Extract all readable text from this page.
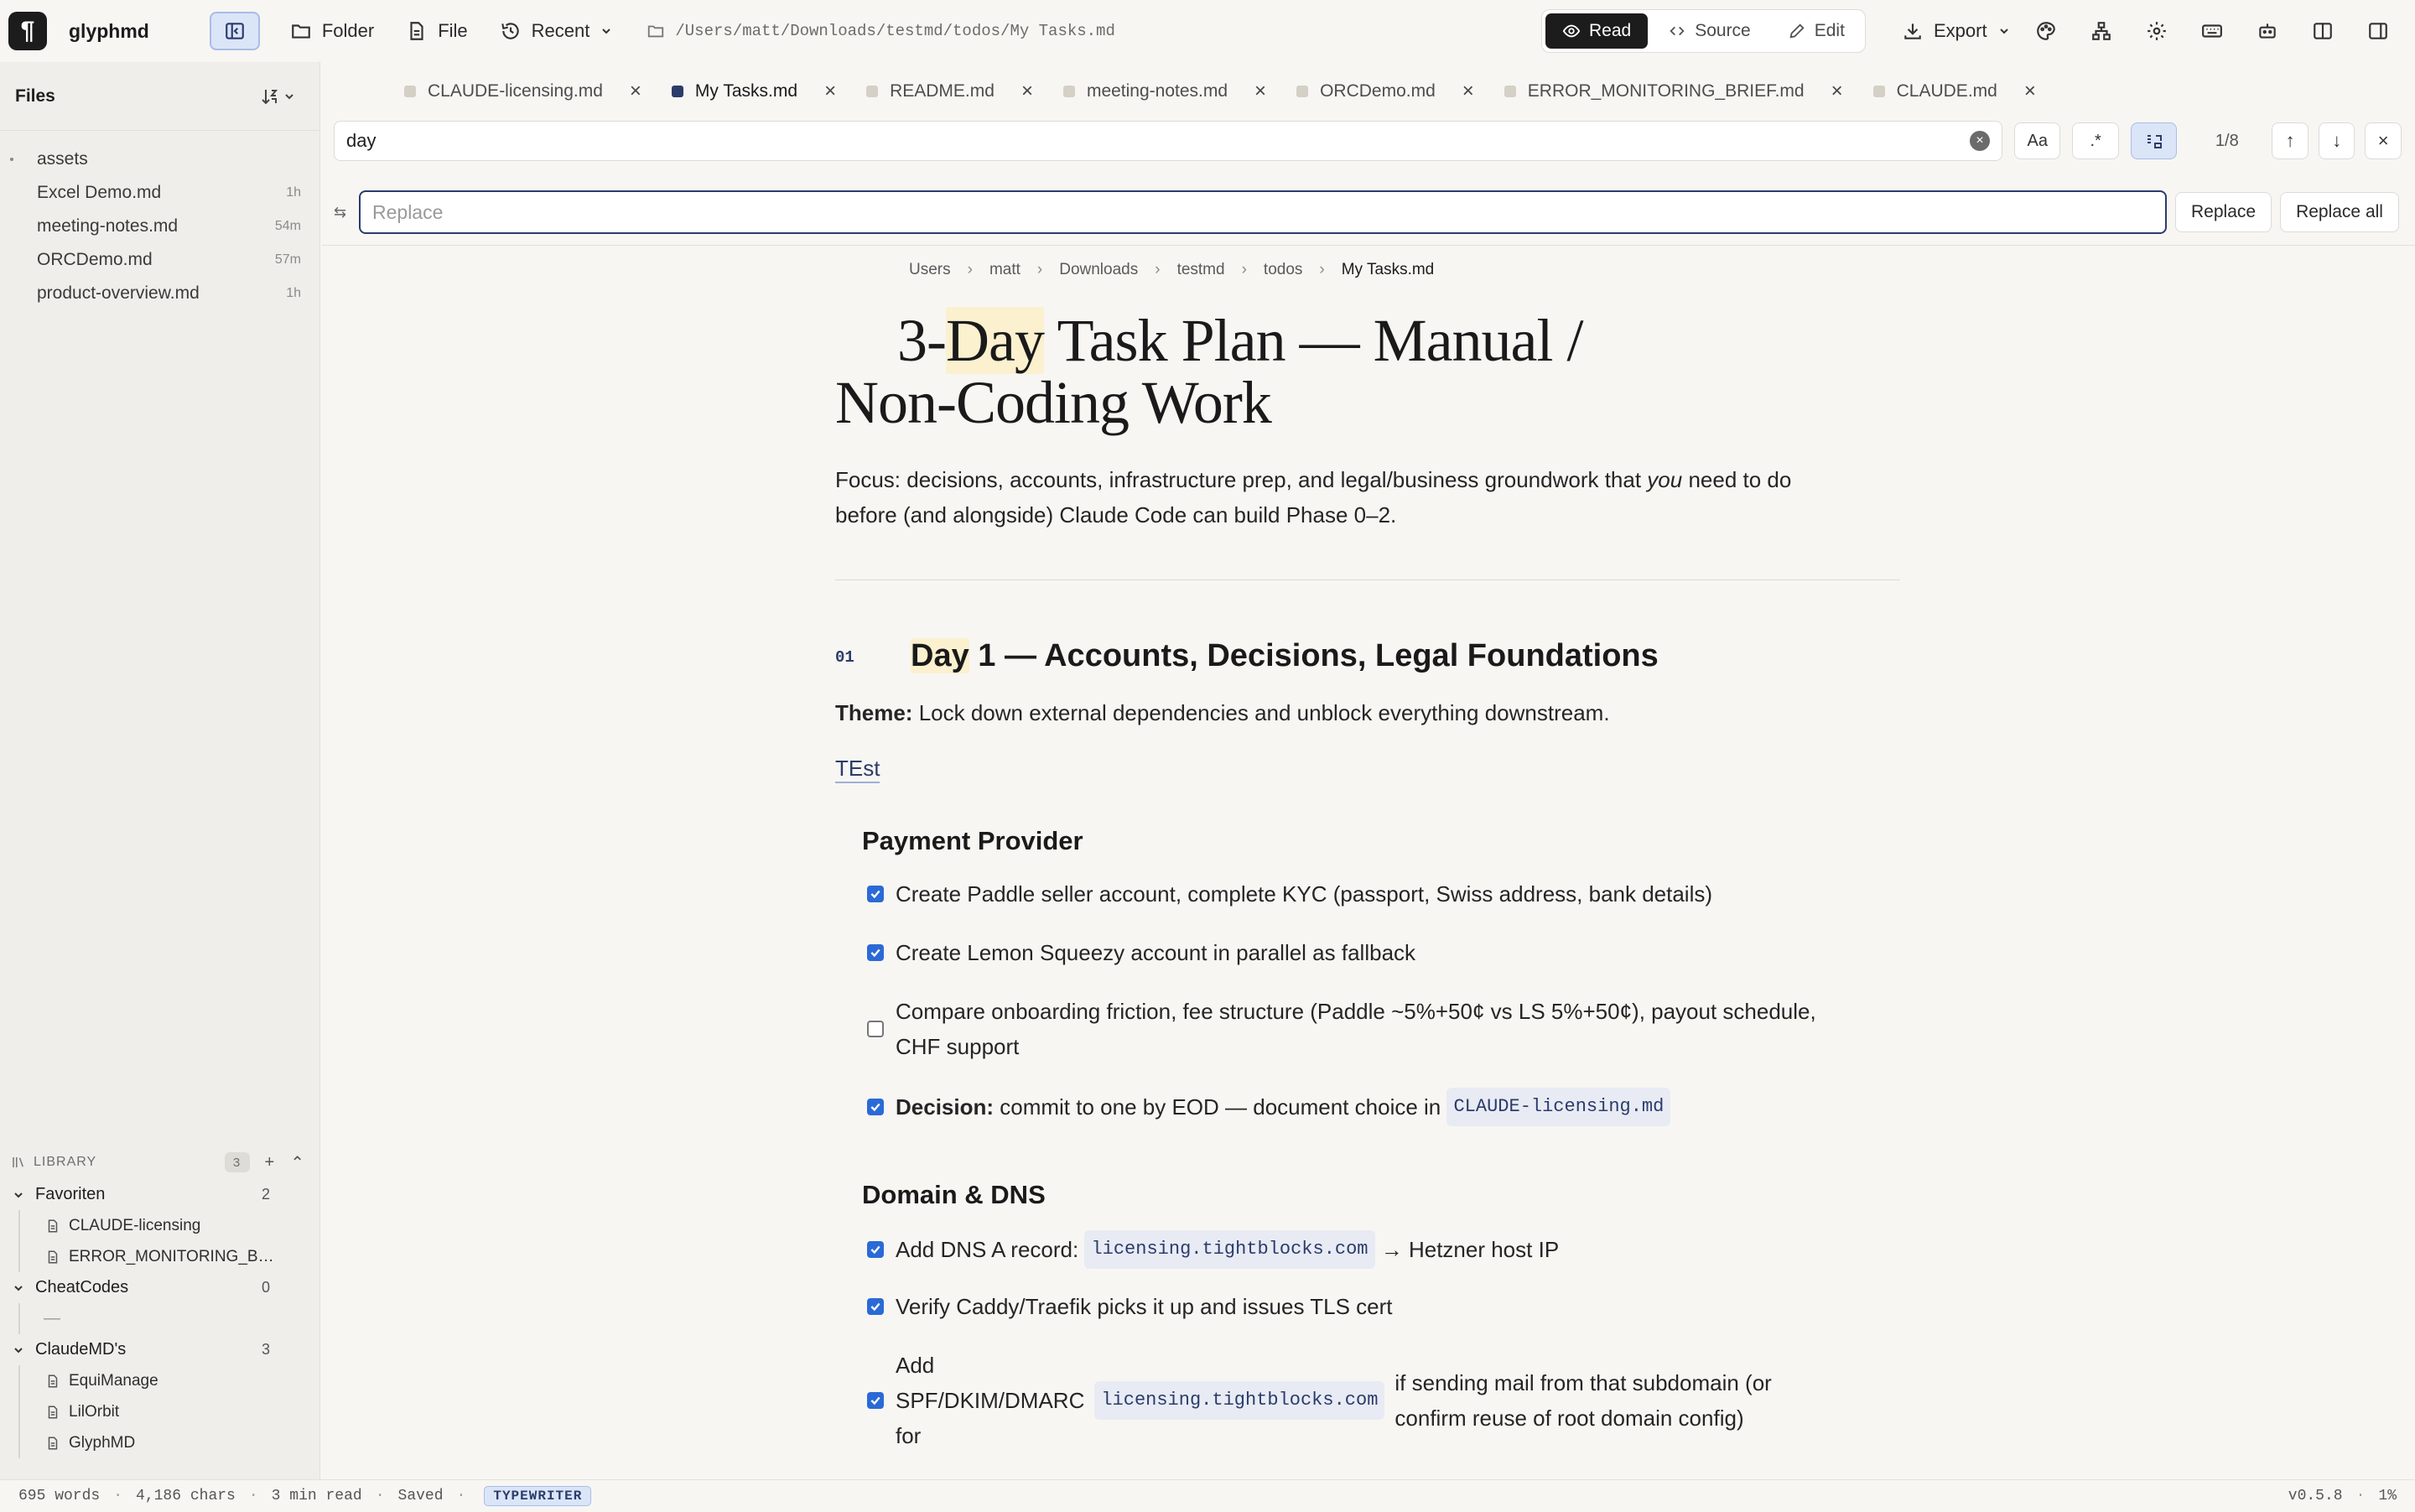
¶	glyphmd	Folder	File	Recent	/Users/matt/Downloads/testmd/todos/My Tasks.md	Read	Source	Edit	Export
Files
assets
Excel Demo.md	1h
meeting-notes.md	54m
ORCDemo.md	57m
product-overview.md	1h
LIBRARY	3	+ ⌃
Favoriten	2
CLAUDE-licensing
ERROR_MONITORING_B…
CheatCodes	0
—
ClaudeMD's	3
EquiManage
LilOrbit
GlyphMD
CLAUDE-licensing.md ×	My Tasks.md ×	README.md ×	meeting-notes.md ×	ORCDemo.md ×	ERROR_MONITORING_BRIEF.md ×	CLAUDE.md ×
day	×	Aa	.*	1/8	↑ ↓ ×
⇆	Replace	Replace	Replace all
Users › matt › Downloads › testmd › todos › My Tasks.md
3-Day Task Plan — Manual /
Non-Coding Work

Focus: decisions, accounts, infrastructure prep, and legal/business groundwork that you need to do before (and alongside) Claude Code can build Phase 0–2.

01 Day 1 — Accounts, Decisions, Legal Foundations

Theme: Lock down external dependencies and unblock everything downstream.

TEst
Payment Provider
Create Paddle seller account, complete KYC (passport, Swiss address, bank details)
Create Lemon Squeezy account in parallel as fallback
Compare onboarding friction, fee structure (Paddle ~5%+50¢ vs LS 5%+50¢), payout schedule,
CHF support
Decision: commit to one by EOD — document choice in CLAUDE-licensing.md
Domain & DNS
Add DNS A record: licensing.tightblocks.com → Hetzner host IP
Verify Caddy/Traefik picks it up and issues TLS cert
Add
SPF/DKIM/DMARC
for
licensing.tightblocks.com
if sending mail from that subdomain (or
confirm reuse of root domain config)
695 words · 4,186 chars · 3 min read · Saved ·	TYPEWRITER	v0.5.8 · 1%
